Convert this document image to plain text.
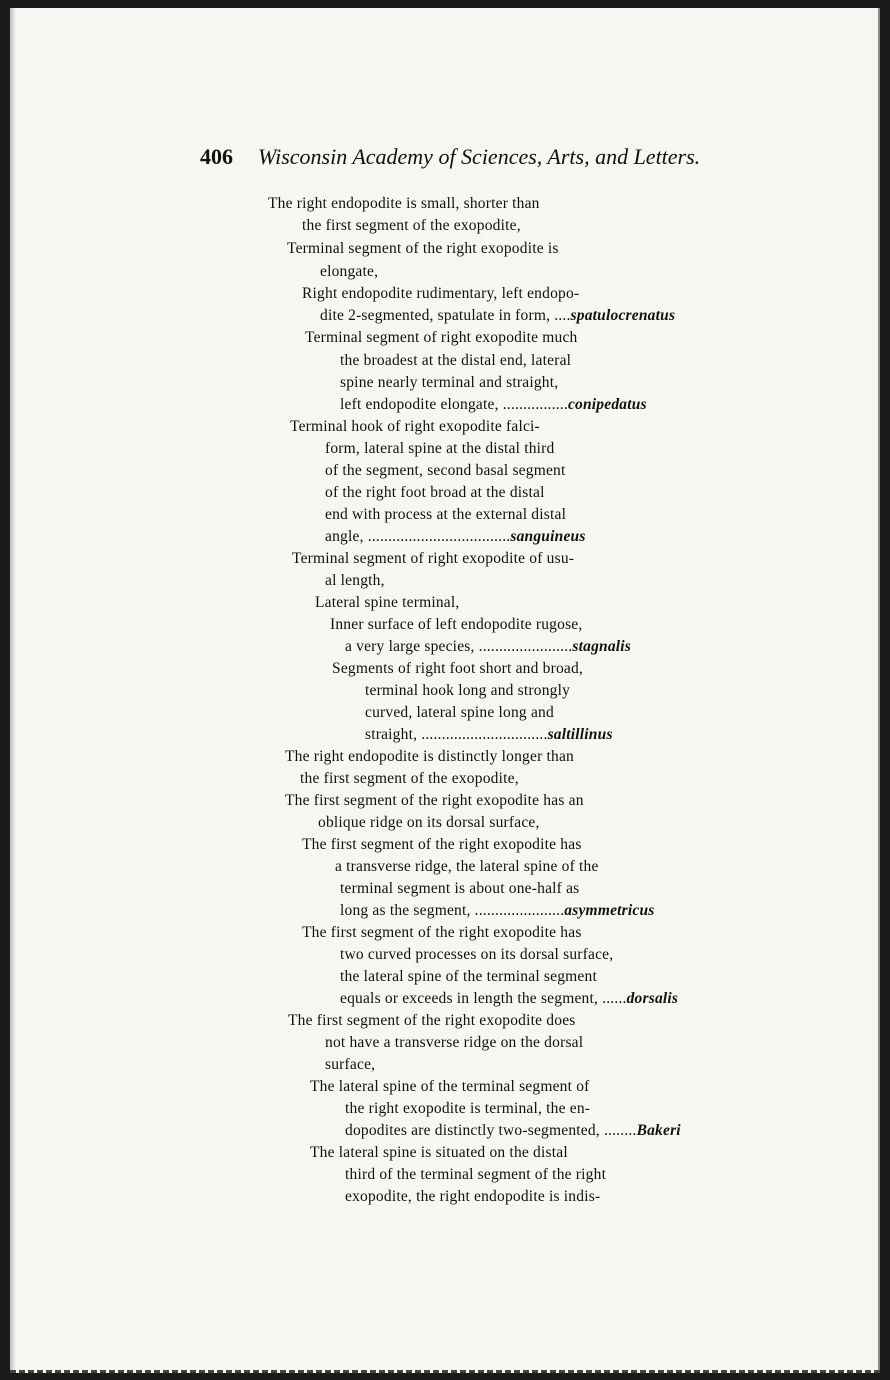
406 Wisconsin Academy of Sciences, Arts, and Letters.
The right endopodite is small, shorter than
the first segment of the exopodite,
Terminal segment of the right exopodite is
elongate,
Right endopodite rudimentary, left endopo-
dite 2-segmented, spatulate in form, ....spatulocrenatus
Terminal segment of right exopodite much
the broadest at the distal end, lateral
spine nearly terminal and straight,
left endopodite elongate, ................conipedatus
Terminal hook of right exopodite falci-
form, lateral spine at the distal third
of the segment, second basal segment
of the right foot broad at the distal
end with process at the external distal
angle, ...................................sanguineus
Terminal segment of right exopodite of usu-
al length,
Lateral spine terminal,
Inner surface of left endopodite rugose,
a very large species, .......................stagnalis
Segments of right foot short and broad,
terminal hook long and strongly
curved, lateral spine long and
straight, ...............................saltillinus
The right endopodite is distinctly longer than
the first segment of the exopodite,
The first segment of the right exopodite has an
oblique ridge on its dorsal surface,
The first segment of the right exopodite has
a transverse ridge, the lateral spine of the
terminal segment is about one-half as
long as the segment, ......................asymmetricus
The first segment of the right exopodite has
two curved processes on its dorsal surface,
the lateral spine of the terminal segment
equals or exceeds in length the segment, ......dorsalis
The first segment of the right exopodite does
not have a transverse ridge on the dorsal
surface,
The lateral spine of the terminal segment of
the right exopodite is terminal, the en-
dopodites are distinctly two-segmented, ........Bakeri
The lateral spine is situated on the distal
third of the terminal segment of the right
exopodite, the right endopodite is indis-
